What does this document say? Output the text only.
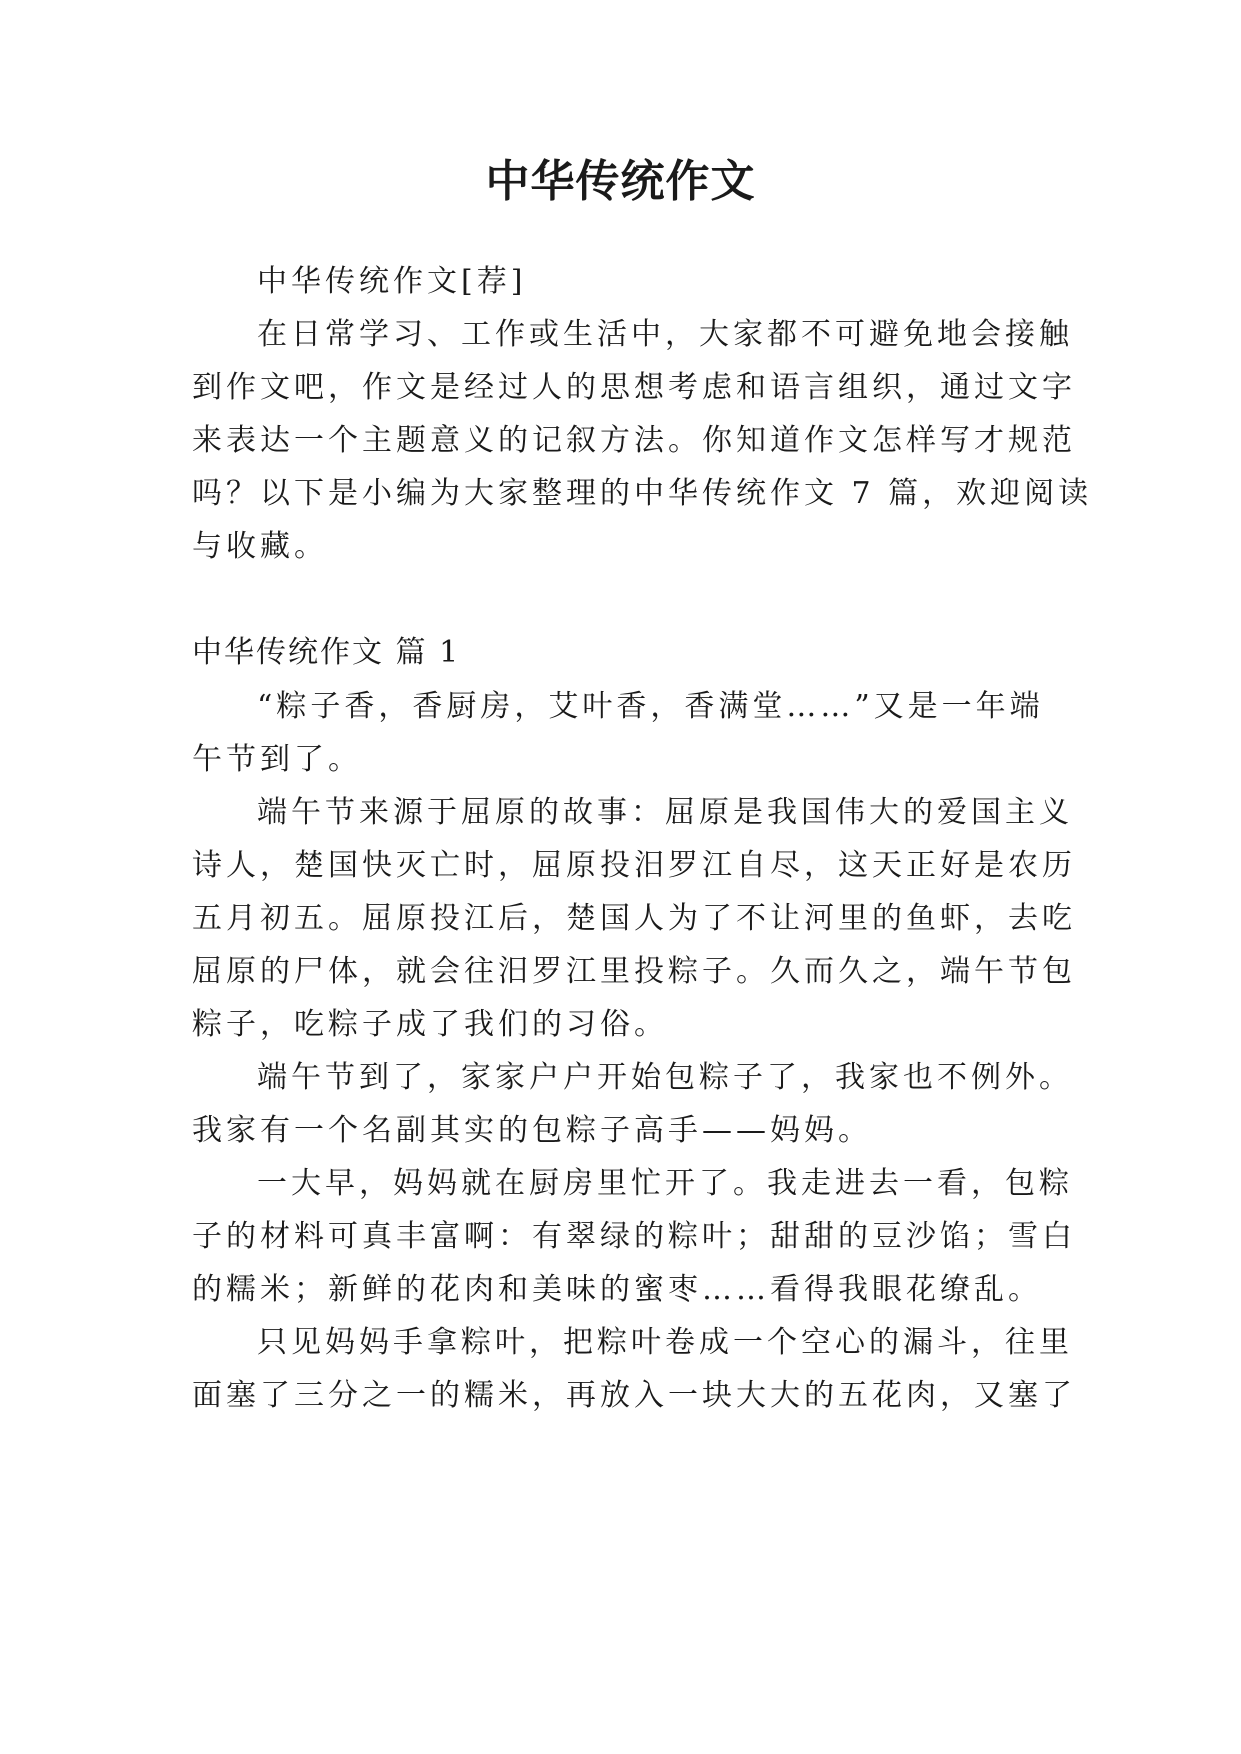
中华传统作文
中华传统作文[荐]
在日常学习、工作或生活中，大家都不可避免地会接触
到作文吧，作文是经过人的思想考虑和语言组织，通过文字
来表达一个主题意义的记叙方法。你知道作文怎样写才规范
吗？以下是小编为大家整理的中华传统作文 7 篇，欢迎阅读
与收藏。
中华传统作文 篇 1
“粽子香，香厨房，艾叶香，香满堂……”又是一年端
午节到了。
端午节来源于屈原的故事：屈原是我国伟大的爱国主义
诗人，楚国快灭亡时，屈原投汨罗江自尽，这天正好是农历
五月初五。屈原投江后，楚国人为了不让河里的鱼虾，去吃
屈原的尸体，就会往汨罗江里投粽子。久而久之，端午节包
粽子，吃粽子成了我们的习俗。
端午节到了，家家户户开始包粽子了，我家也不例外。
我家有一个名副其实的包粽子高手——妈妈。
一大早，妈妈就在厨房里忙开了。我走进去一看，包粽
子的材料可真丰富啊：有翠绿的粽叶；甜甜的豆沙馅；雪白
的糯米；新鲜的花肉和美味的蜜枣……看得我眼花缭乱。
只见妈妈手拿粽叶，把粽叶卷成一个空心的漏斗，往里
面塞了三分之一的糯米，再放入一块大大的五花肉，又塞了
